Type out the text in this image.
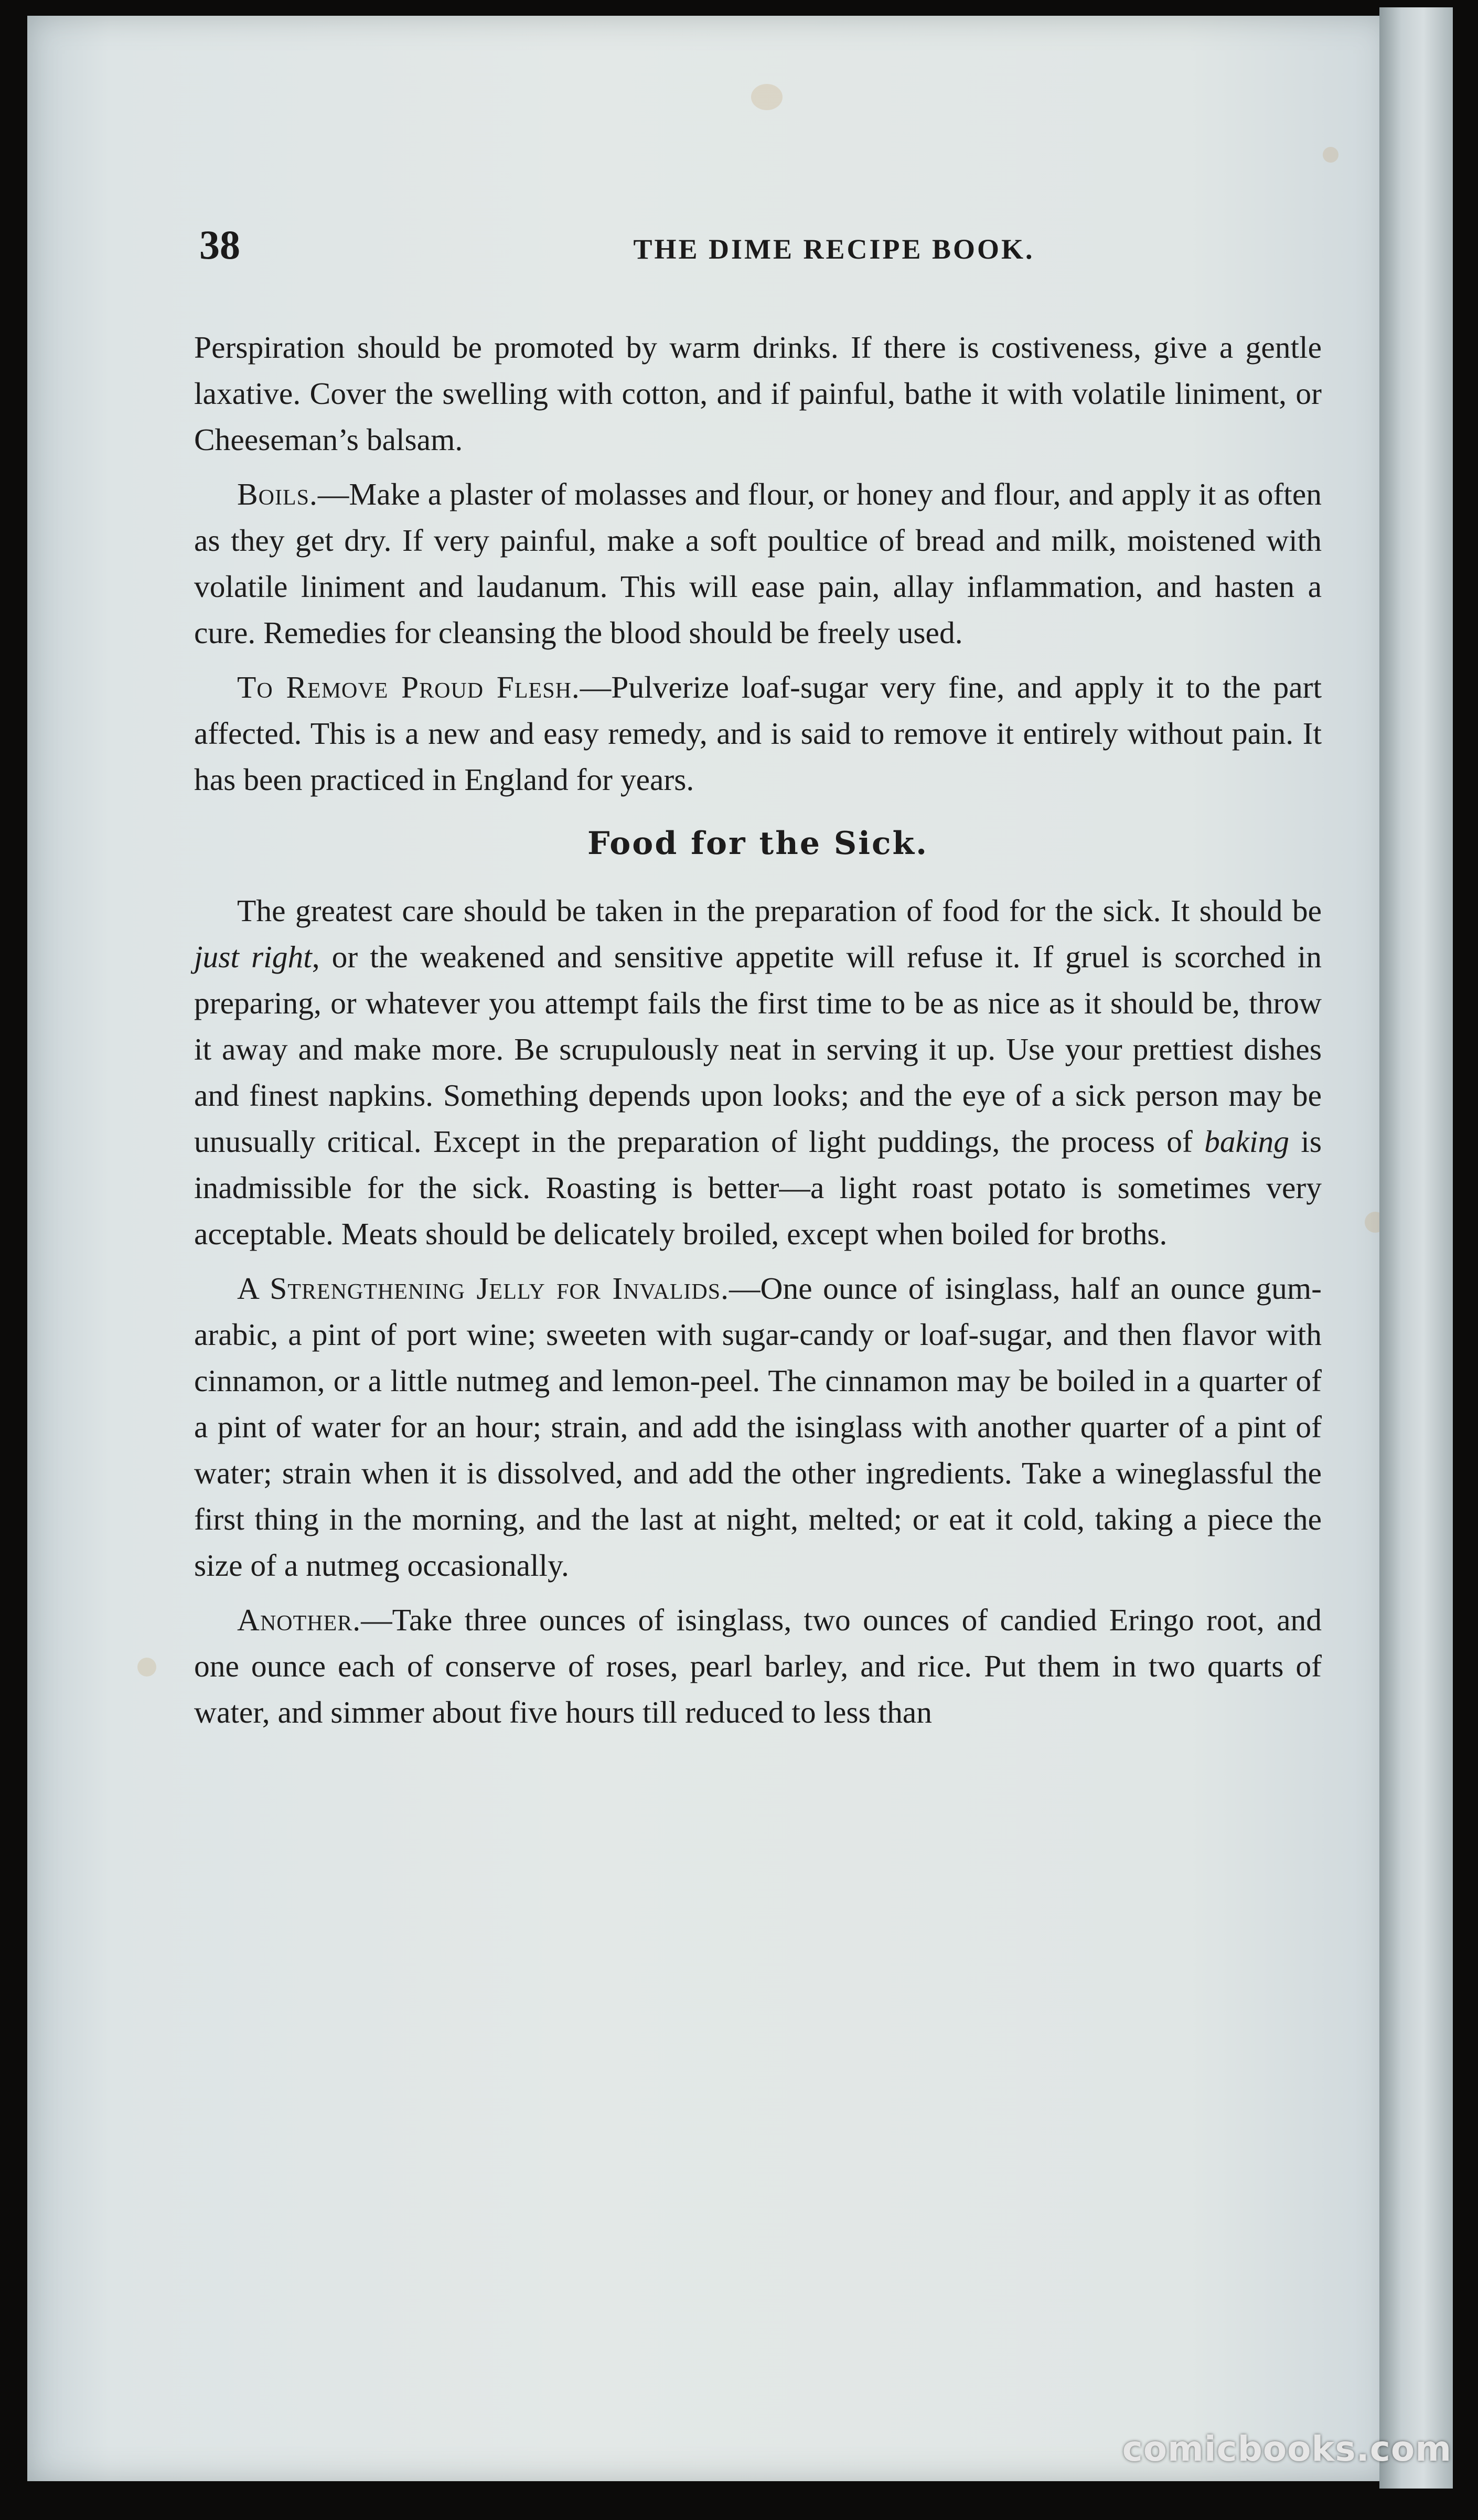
38	THE DIME RECIPE BOOK.

Perspiration should be promoted by warm drinks. If there is costiveness, give a gentle laxative. Cover the swelling with cotton, and if painful, bathe it with volatile liniment, or Cheeseman’s balsam.

Boils.—Make a plaster of molasses and flour, or honey and flour, and apply it as often as they get dry. If very painful, make a soft poultice of bread and milk, moistened with volatile liniment and laudanum. This will ease pain, allay inflammation, and hasten a cure. Remedies for cleansing the blood should be freely used.

To Remove Proud Flesh.—Pulverize loaf-sugar very fine, and apply it to the part affected. This is a new and easy remedy, and is said to remove it entirely without pain. It has been practiced in England for years.

Food for the Sick.

The greatest care should be taken in the preparation of food for the sick. It should be just right, or the weakened and sensitive appetite will refuse it. If gruel is scorched in preparing, or whatever you attempt fails the first time to be as nice as it should be, throw it away and make more. Be scrupulously neat in serving it up. Use your prettiest dishes and finest napkins. Something depends upon looks; and the eye of a sick person may be unusually critical. Except in the preparation of light puddings, the process of baking is inadmissible for the sick. Roasting is better—a light roast potato is sometimes very acceptable. Meats should be delicately broiled, except when boiled for broths.

A Strengthening Jelly for Invalids.—One ounce of isinglass, half an ounce gum-arabic, a pint of port wine; sweeten with sugar-candy or loaf-sugar, and then flavor with cinnamon, or a little nutmeg and lemon-peel. The cinnamon may be boiled in a quarter of a pint of water for an hour; strain, and add the isinglass with another quarter of a pint of water; strain when it is dissolved, and add the other ingredients. Take a wineglassful the first thing in the morning, and the last at night, melted; or eat it cold, taking a piece the size of a nutmeg occasionally.

Another.—Take three ounces of isinglass, two ounces of candied Eringo root, and one ounce each of conserve of roses, pearl barley, and rice. Put them in two quarts of water, and simmer about five hours till reduced to less than

comicbooks.com
